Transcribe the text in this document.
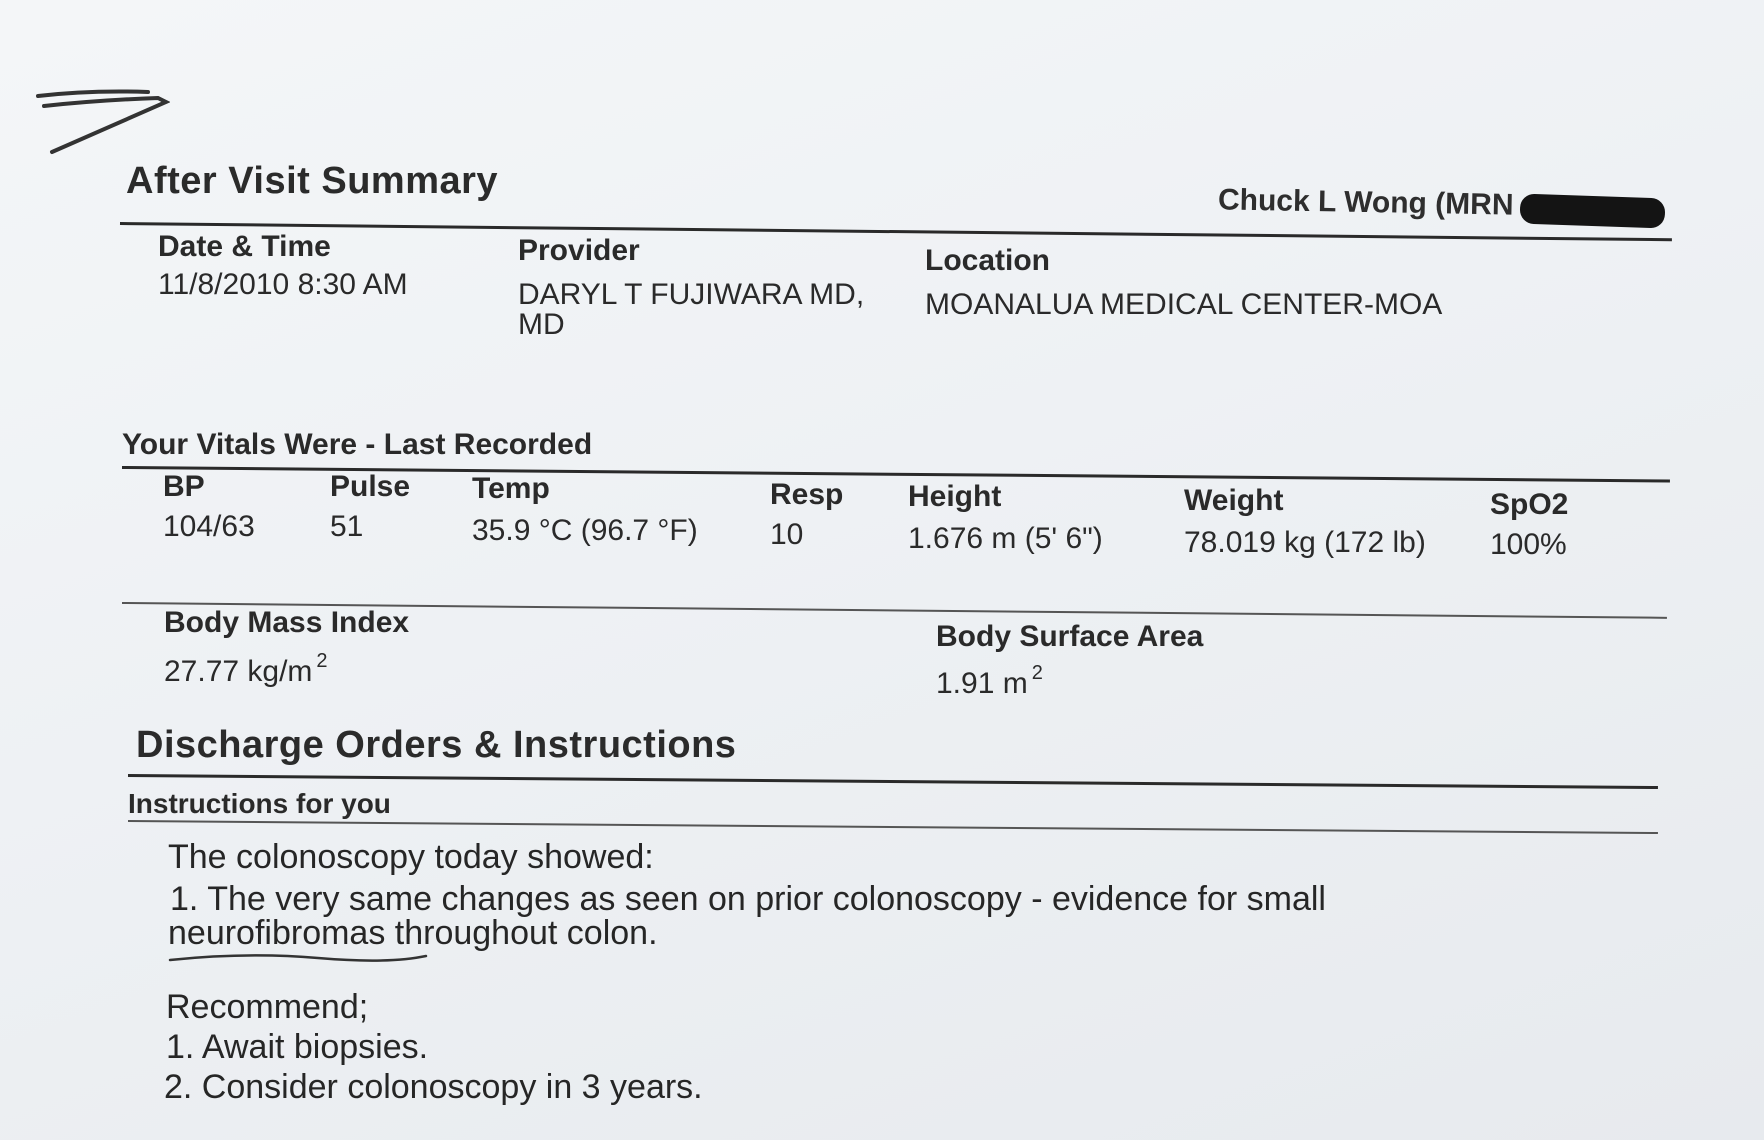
After Visit Summary
Chuck L Wong (MRN
Date & Time
11/8/2010 8:30 AM
Provider
DARYL T FUJIWARA MD,
MD
Location
MOANALUA MEDICAL CENTER-MOA
Your Vitals Were - Last Recorded
BP
104/63
Pulse
51
Temp
35.9 °C (96.7 °F)
Resp
10
Height
1.676 m (5' 6")
Weight
78.019 kg (172 lb)
SpO2
100%
Body Mass Index
27.77 kg/m $^2$
Body Surface Area
1.91 m $^2$
Discharge Orders & Instructions
Instructions for you
The colonoscopy today showed:
1. The very same changes as seen on prior colonoscopy - evidence for small
neurofibromas throughout colon.
Recommend;
1. Await biopsies.
2. Consider colonoscopy in 3 years.
